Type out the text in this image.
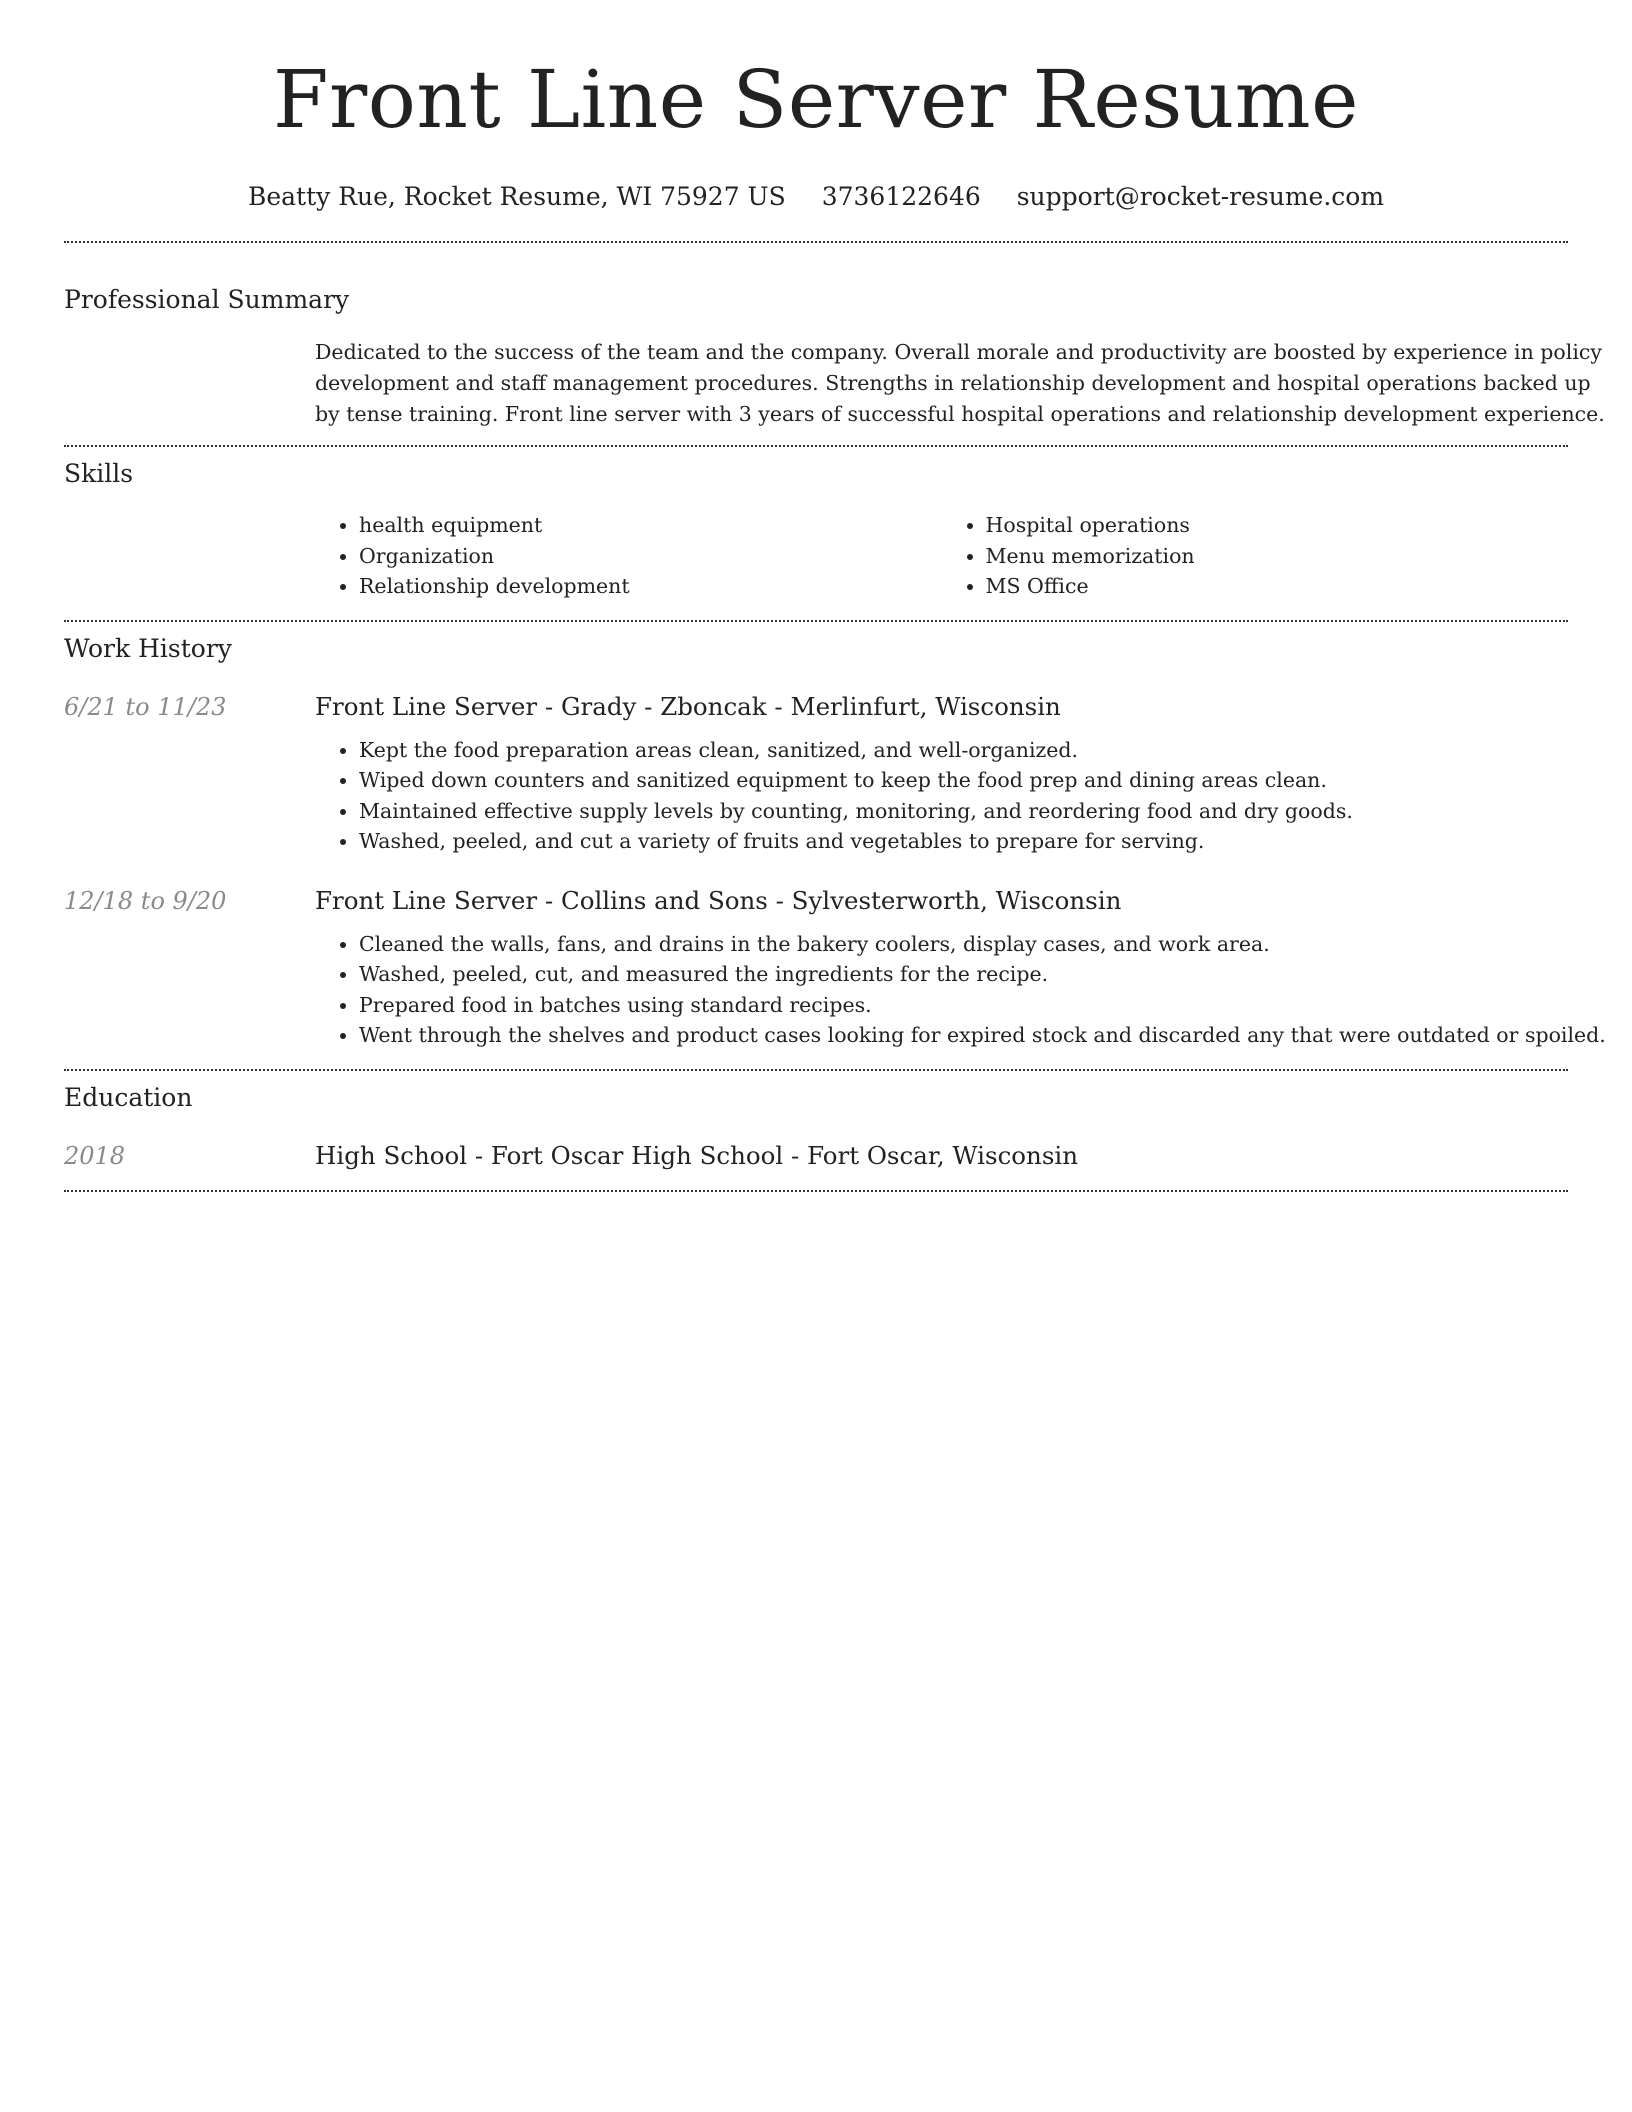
Front Line Server Resume
Beatty Rue, Rocket Resume, WI 75927 US 3736122646 support@rocket-resume.com
Professional Summary
Dedicated to the success of the team and the company. Overall morale and productivity are boosted by experience in policy
development and staff management procedures. Strengths in relationship development and hospital operations backed up
by tense training. Front line server with 3 years of successful hospital operations and relationship development experience.
Skills
• health equipment
• Organization
• Relationship development
• Hospital operations
• Menu memorization
• MS Office
Work History
6/21 to 11/23	Front Line Server - Grady - Zboncak - Merlinfurt, Wisconsin
• Kept the food preparation areas clean, sanitized, and well-organized.
• Wiped down counters and sanitized equipment to keep the food prep and dining areas clean.
• Maintained effective supply levels by counting, monitoring, and reordering food and dry goods.
• Washed, peeled, and cut a variety of fruits and vegetables to prepare for serving.
12/18 to 9/20	Front Line Server - Collins and Sons - Sylvesterworth, Wisconsin
• Cleaned the walls, fans, and drains in the bakery coolers, display cases, and work area.
• Washed, peeled, cut, and measured the ingredients for the recipe.
• Prepared food in batches using standard recipes.
• Went through the shelves and product cases looking for expired stock and discarded any that were outdated or spoiled.
Education
2018	High School - Fort Oscar High School - Fort Oscar, Wisconsin
